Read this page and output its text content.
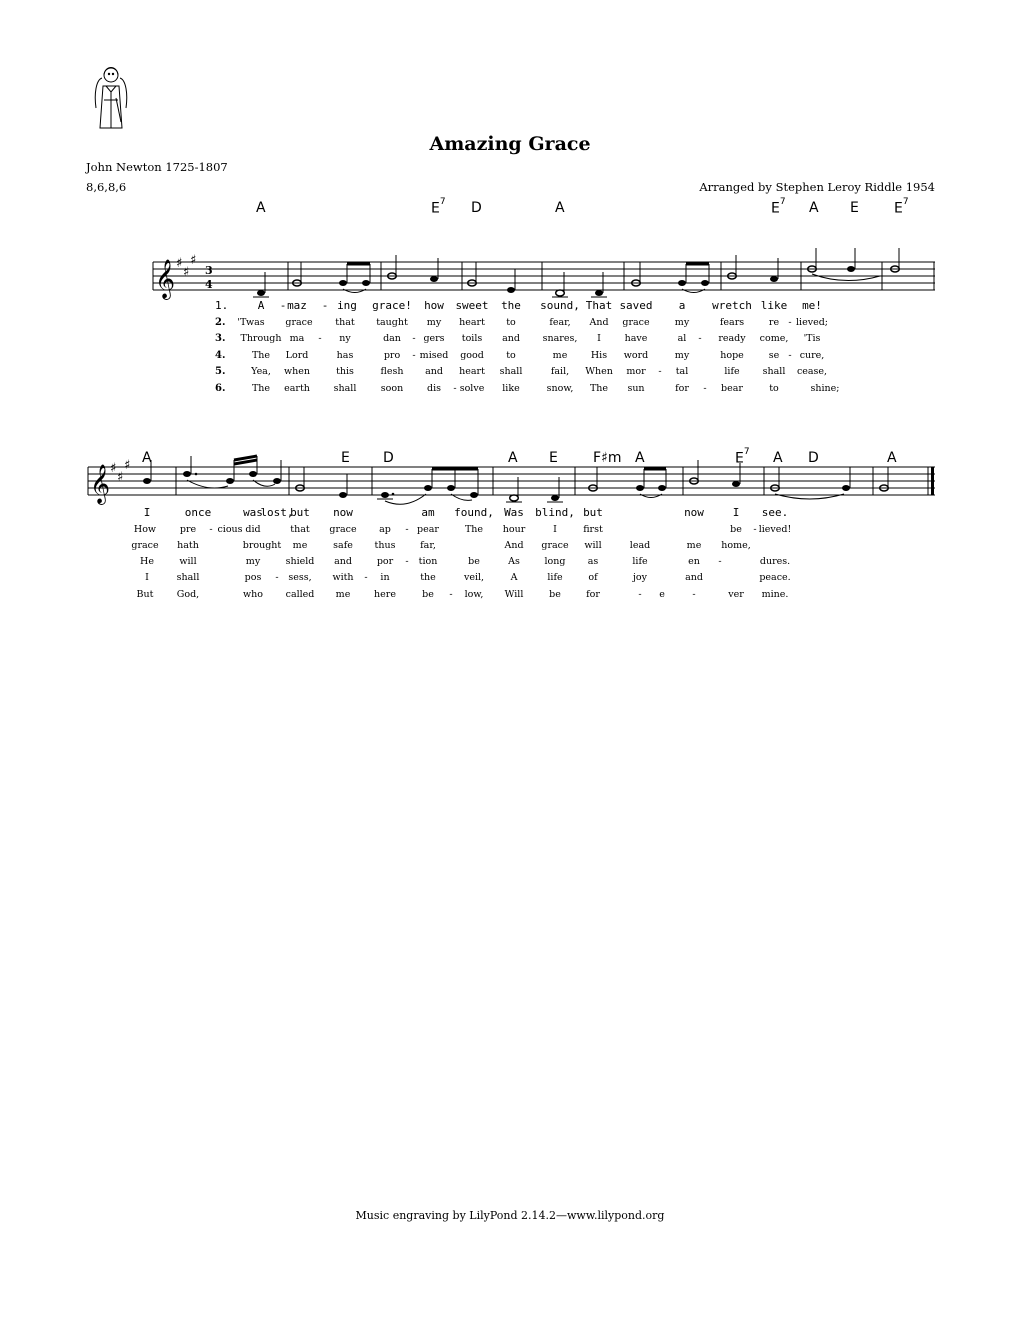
Amazing Grace
John Newton 1725-1807
8,6,8,6	Arranged by Stephen Leroy Riddle 1954
A	$E^7$ D	A	$E^7$ A E	$E^7$
𝄞 ♯
♯
♯
3
4
1.	A - maz - ing grace! how sweet the sound, That saved a wretch like me!
2. 'Twas grace that taught my heart to	fear, And grace	my	fears	re - lieved;
3. Through ma - ny	dan - gers toils and snares, I have	al - ready come, 'Tis
4.	The Lord	has	pro - mised good to	me His word	my	hope	se - cure,
5.	Yea, when	this	flesh and heart shall	fail, When mor - tal	life shall cease,
6.	The earth	shall	soon	dis - solve like	snow, The sun	for - bear	to	shine;
A	E D	A E	F♯m A	$E^7$ A D	A
𝄞 ♯
♯
♯
I	once	was
lost,
but now	am found, Was blind, but	now	I see.
How	pre - cious did	that grace ap - pear	The hour	I	first	be - lieved!
grace hath	brought me	safe thus	far,	And grace will	lead	me home,
He	will	my	shield and	por - tion	be	As	long as	life	en -	dures.
I	shall	pos - sess, with - in	the	veil,	A	life	of	joy	and	peace.
But God,	who called me here	be - low, Will	be	for	- e	-	ver mine.
Music engraving by LilyPond 2.14.2—www.lilypond.org
